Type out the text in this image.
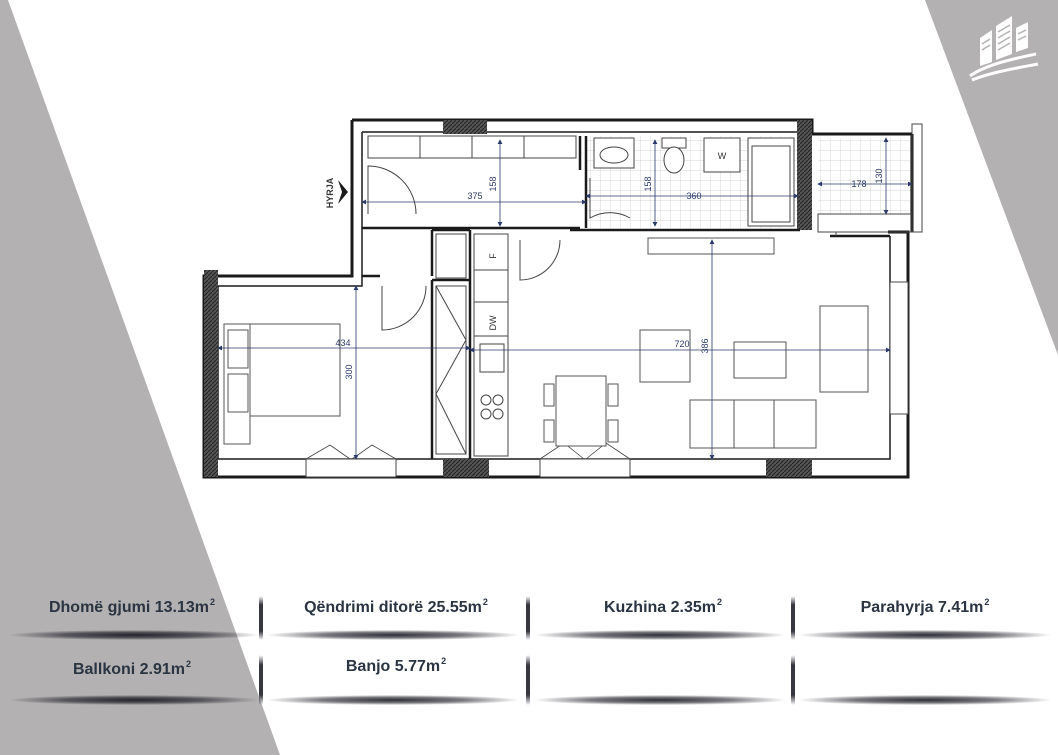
F
DW
W
375
158	158
360
178
130
434
300
720 386
HYRJA
Dhomë gjumi $13.13m^2$	Qëndrimi ditorë $25.55m^2$	Kuzhina $2.35m^2$	Parahyrja $7.41m^2$
Ballkoni $2.91m^2$	Banjo $5.77m^2$
